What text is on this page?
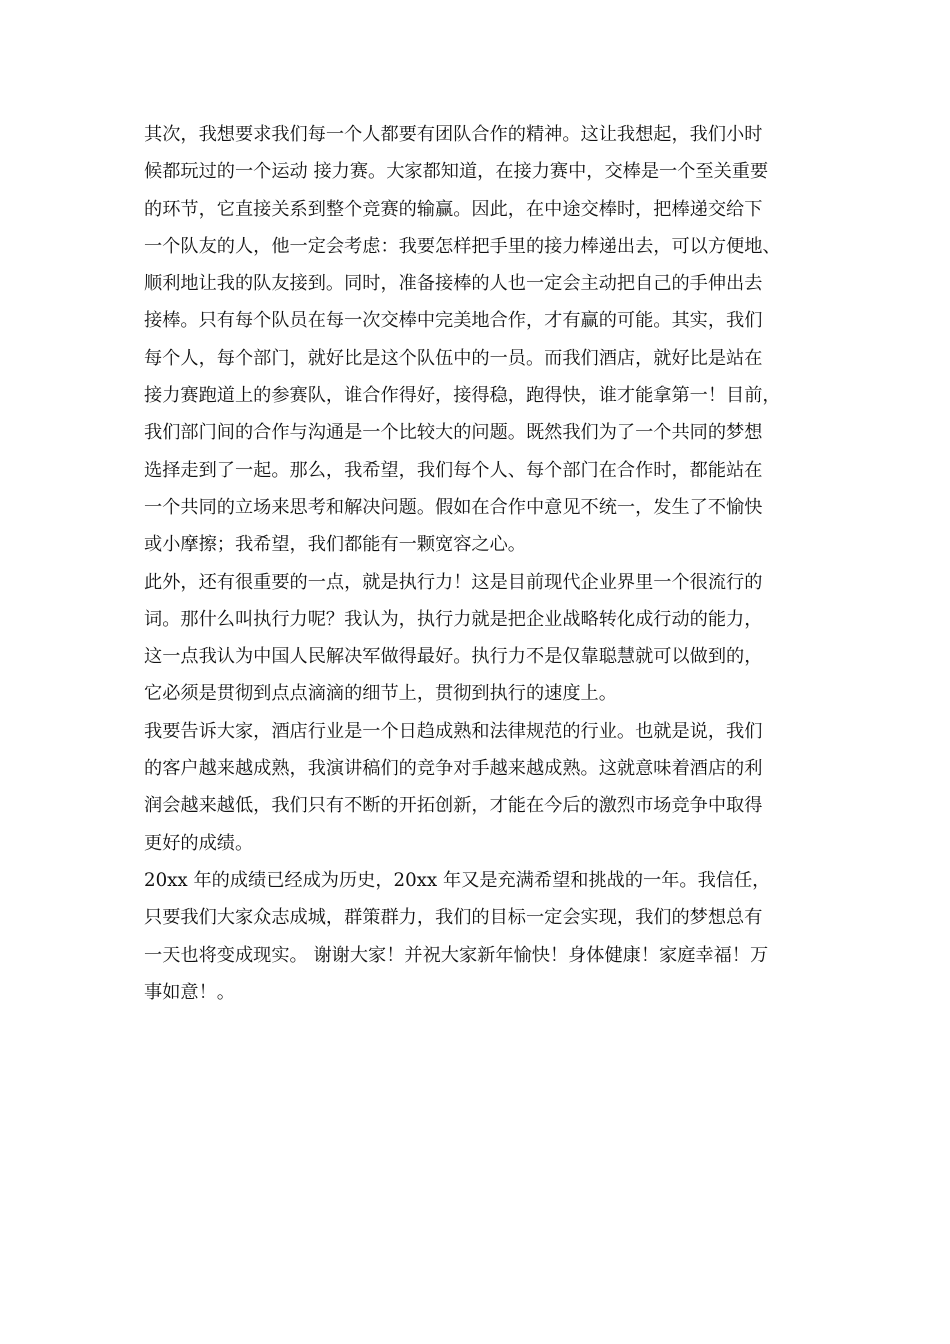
其次，我想要求我们每一个人都要有团队合作的精神。这让我想起，我们小时
候都玩过的一个运动 接力赛。大家都知道，在接力赛中，交棒是一个至关重要
的环节，它直接关系到整个竞赛的输赢。因此，在中途交棒时，把棒递交给下
一个队友的人，他一定会考虑：我要怎样把手里的接力棒递出去，可以方便地、
顺利地让我的队友接到。同时，准备接棒的人也一定会主动把自己的手伸出去
接棒。只有每个队员在每一次交棒中完美地合作，才有赢的可能。其实，我们
每个人，每个部门，就好比是这个队伍中的一员。而我们酒店，就好比是站在
接力赛跑道上的参赛队，谁合作得好，接得稳，跑得快，谁才能拿第一！目前，
我们部门间的合作与沟通是一个比较大的问题。既然我们为了一个共同的梦想
选择走到了一起。那么，我希望，我们每个人、每个部门在合作时，都能站在
一个共同的立场来思考和解决问题。假如在合作中意见不统一，发生了不愉快
或小摩擦；我希望，我们都能有一颗宽容之心。

此外，还有很重要的一点，就是执行力！这是目前现代企业界里一个很流行的
词。那什么叫执行力呢？我认为，执行力就是把企业战略转化成行动的能力，
这一点我认为中国人民解决军做得最好。执行力不是仅靠聪慧就可以做到的，
它必须是贯彻到点点滴滴的细节上，贯彻到执行的速度上。

我要告诉大家，酒店行业是一个日趋成熟和法律规范的行业。也就是说，我们
的客户越来越成熟，我演讲稿们的竞争对手越来越成熟。这就意味着酒店的利
润会越来越低，我们只有不断的开拓创新，才能在今后的激烈市场竞争中取得
更好的成绩。

20xx 年的成绩已经成为历史，20xx 年又是充满希望和挑战的一年。我信任，
只要我们大家众志成城，群策群力，我们的目标一定会实现，我们的梦想总有
一天也将变成现实。 谢谢大家！并祝大家新年愉快！身体健康！家庭幸福！万
事如意！。
